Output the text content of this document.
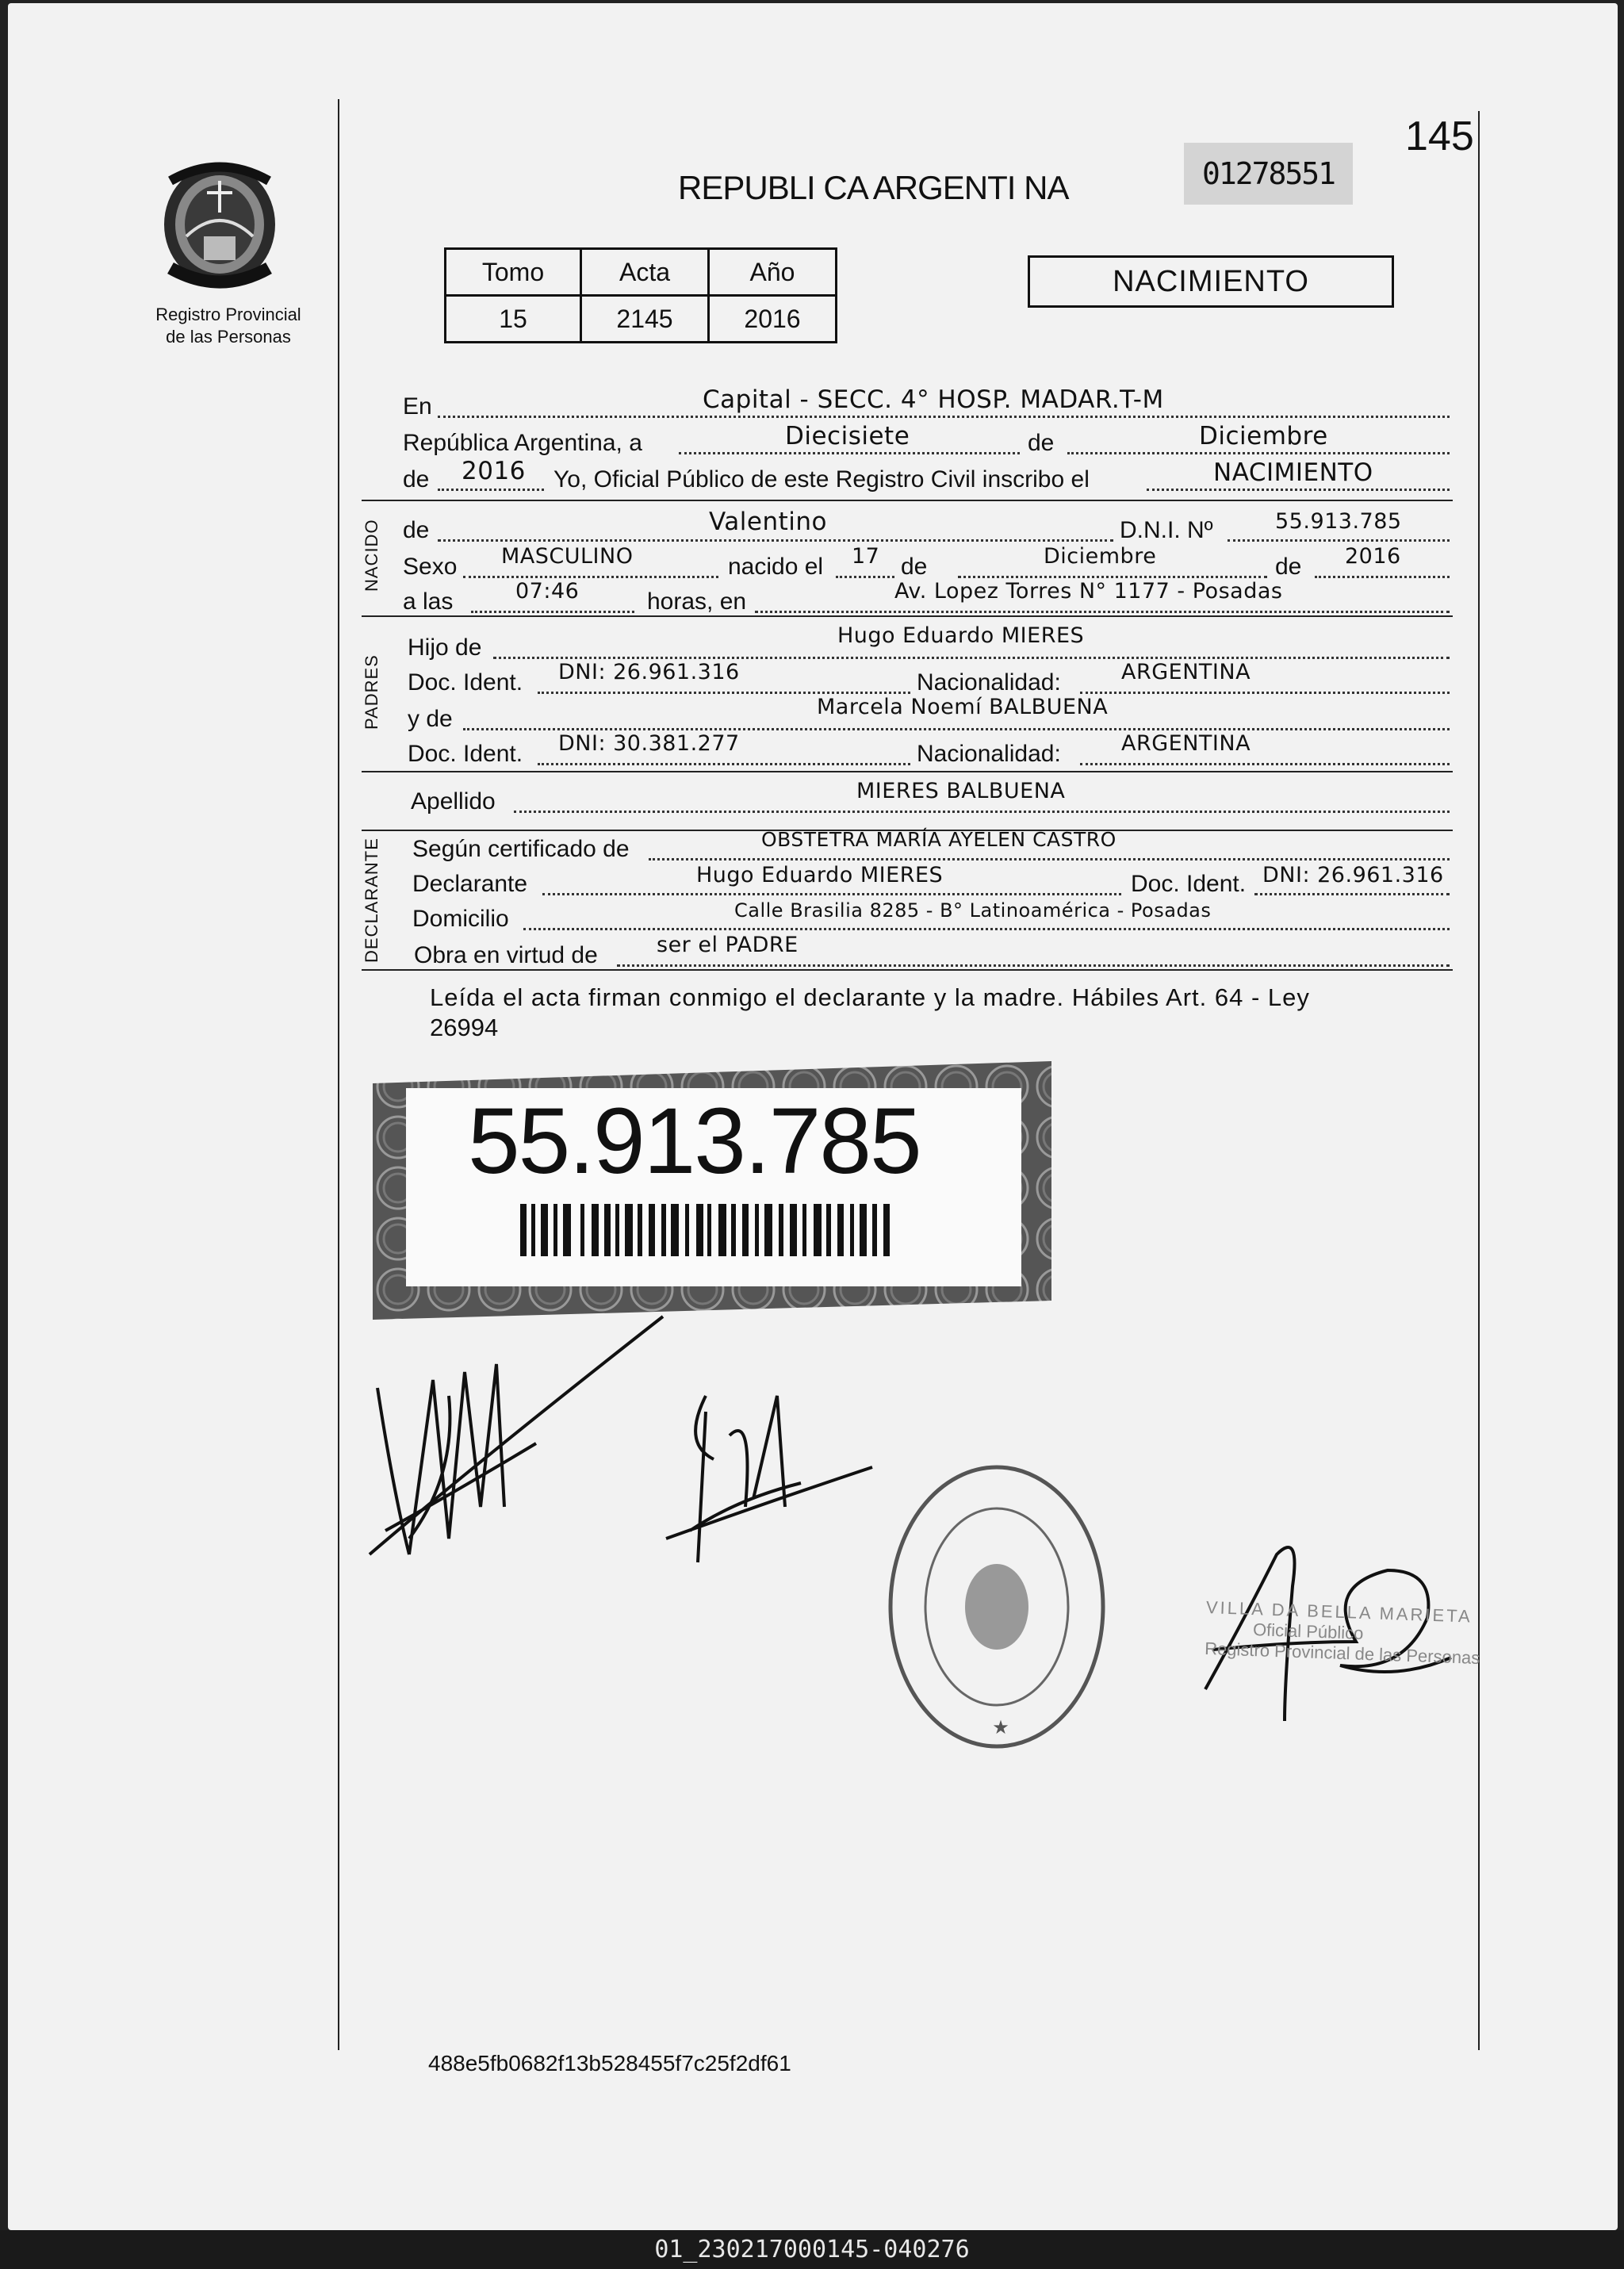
Registro Provincial
de las Personas
REPUBLI CA ARGENTI NA	01278551
145
Tomo	Acta	Año
15	2145	2016
NACIMIENTO
En	Capital - SECC. 4° HOSP. MADAR.T-M
República Argentina, a	Diecisiete	de	Diciembre
de 2016 Yo, Oficial Público de este Registro Civil inscribo el	NACIMIENTO
NACIDO de	Valentino	D.N.I. Nº	55.913.785
Sexo MASCULINO	nacido el 17 de	Diciembre	de 2016
a las	07:46	horas, en	Av. Lopez Torres N° 1177 - Posadas
PADRES
Hijo de	Hugo Eduardo MIERES
Doc. Ident. DNI: 26.961.316	Nacionalidad:	ARGENTINA
y de	Marcela Noemí BALBUENA
Doc. Ident. DNI: 30.381.277	Nacionalidad:	ARGENTINA
Apellido	MIERES BALBUENA
DECLARANTE Según certificado de	OBSTETRA MARÍA AYELEN CASTRO
Declarante	Hugo Eduardo MIERES	Doc. Ident. DNI: 26.961.316
Domicilio	Calle Brasilia 8285 - B° Latinoamérica - Posadas
Obra en virtud de	ser el PADRE
Leída el acta firman conmigo el declarante y la madre. Hábiles Art. 64 - Ley
26994
55.913.785
★
VILLA DA BELLA MARIETA
Oficial Público
Registro Provincial de las Personas
488e5fb0682f13b528455f7c25f2df61
01_230217000145-040276
